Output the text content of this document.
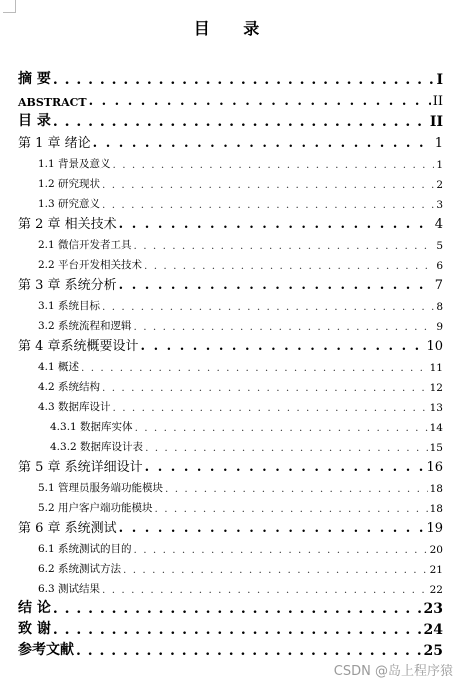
目 录
摘 要 . . .	I
ABSTRACT . . .	II
目 录 . . .	II
第 1 章 绪论 . . .	1
1.1 背景及意义 . . .	1
1.2 研究现状 . . .	2
1.3 研究意义 . . .	3
第 2 章 相关技术 . . .	4
2.1 微信开发者工具 . . .	5
2.2 平台开发相关技术 . . .	6
第 3 章 系统分析 . . .	7
3.1 系统目标 . . .	8
3.2 系统流程和逻辑 . . .	9
第 4 章系统概要设计 . . .	10
4.1 概述 . . .	11
4.2 系统结构 . . .	12
4.3 数据库设计 . . .	13
4.3.1 数据库实体 . . .	14
4.3.2 数据库设计表 . . .	15
第 5 章 系统详细设计 . . .	16
5.1 管理员服务端功能模块 . . .	18
5.2 用户客户端功能模块 . . .	18
第 6 章 系统测试 . . .	19
6.1 系统测试的目的 . . .	20
6.2 系统测试方法 . . .	21
6.3 测试结果 . . .	22
结 论 . . .	23
致 谢 . . .	24
参考文献 . . .	25
CSDN @岛上程序猿
